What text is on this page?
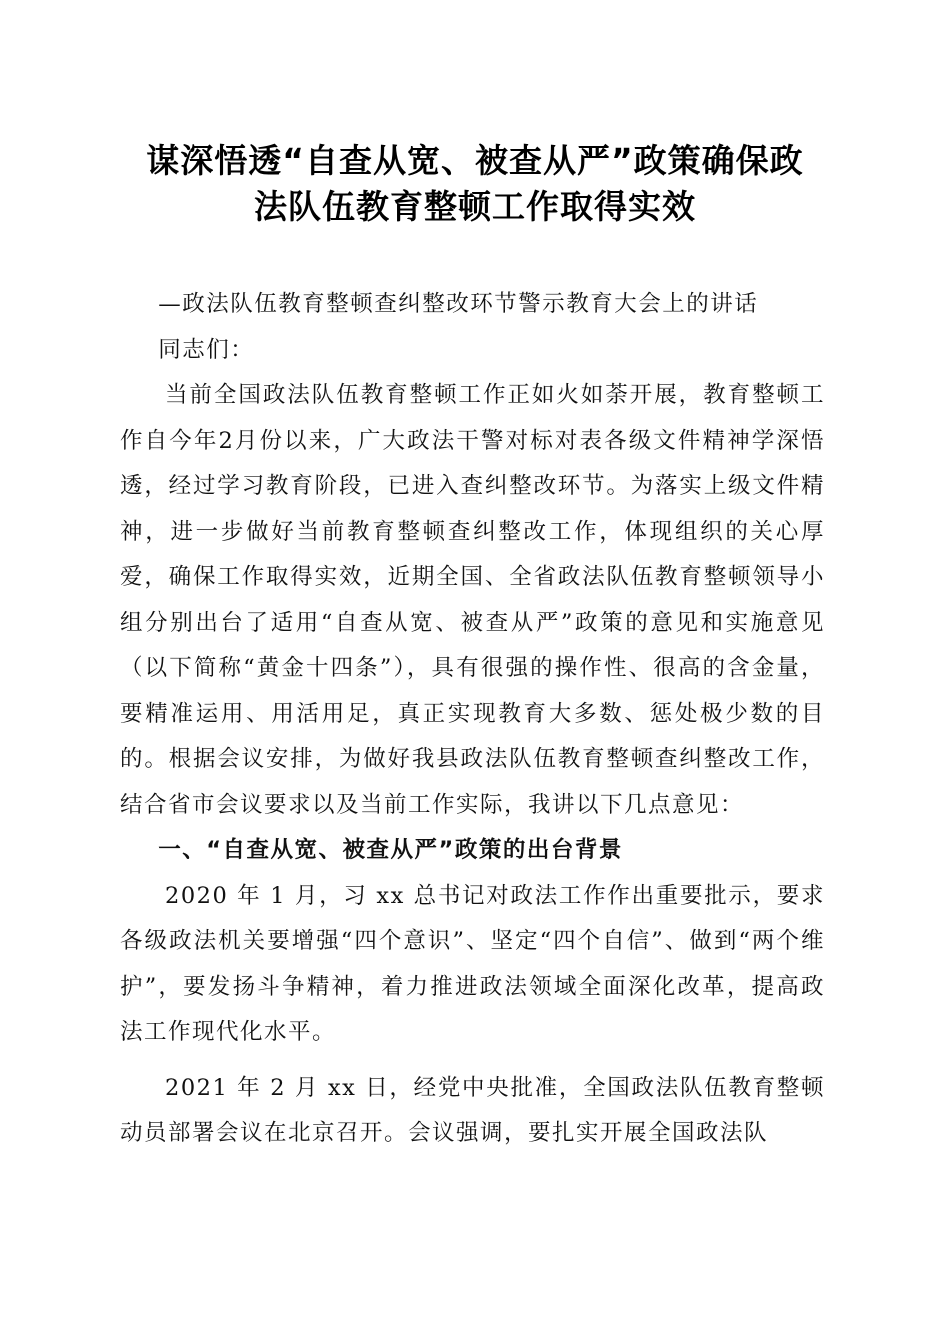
谋深悟透“自查从宽、被查从严”政策确保政
法队伍教育整顿工作取得实效

—政法队伍教育整顿查纠整改环节警示教育大会上的讲话

同志们：

当前全国政法队伍教育整顿工作正如火如荼开展，教育整顿工作自今年2月份以来，广大政法干警对标对表各级文件精神学深悟透，经过学习教育阶段，已进入查纠整改环节。为落实上级文件精神，进一步做好当前教育整顿查纠整改工作，体现组织的关心厚爱，确保工作取得实效，近期全国、全省政法队伍教育整顿领导小组分别出台了适用“自查从宽、被查从严”政策的意见和实施意见（以下简称“黄金十四条”），具有很强的操作性、很高的含金量，要精准运用、用活用足，真正实现教育大多数、惩处极少数的目的。根据会议安排，为做好我县政法队伍教育整顿查纠整改工作，结合省市会议要求以及当前工作实际，我讲以下几点意见：

一、“自查从宽、被查从严”政策的出台背景

2020 年 1 月，习 xx 总书记对政法工作作出重要批示，要求各级政法机关要增强“四个意识”、坚定“四个自信”、做到“两个维护”，要发扬斗争精神，着力推进政法领域全面深化改革，提高政法工作现代化水平。

2021 年 2 月 xx 日，经党中央批准，全国政法队伍教育整顿动员部署会议在北京召开。会议强调，要扎实开展全国政法队
